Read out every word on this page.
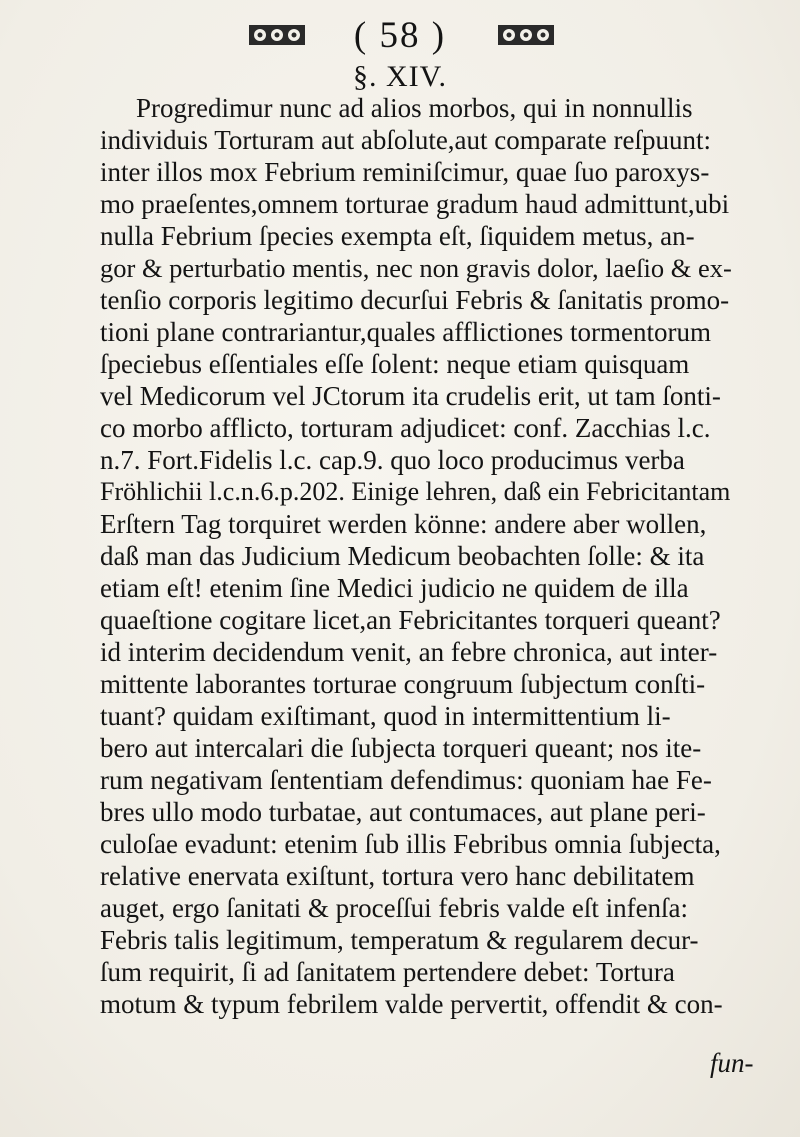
( 58 )
§. XIV.
Progredimur nunc ad alios morbos, qui in nonnullis
individuis Torturam aut abſolute,aut comparate reſpuunt:
inter illos mox Febrium reminiſcimur, quae ſuo paroxys-
mo praeſentes,omnem torturae gradum haud admittunt,ubi
nulla Febrium ſpecies exempta eſt, ſiquidem metus, an-
gor & perturbatio mentis, nec non gravis dolor, laeſio & ex-
tenſio corporis legitimo decurſui Febris & ſanitatis promo-
tioni plane contrariantur,quales afflictiones tormentorum
ſpeciebus eſſentiales eſſe ſolent: neque etiam quisquam
vel Medicorum vel JCtorum ita crudelis erit, ut tam ſonti-
co morbo afflicto, torturam adjudicet: conf. Zacchias l.c.
n.7. Fort.Fidelis l.c. cap.9. quo loco producimus verba
Fröhlichii l.c.n.6.p.202. Einige lehren, daß ein Febricitantam
Erſtern Tag torquiret werden könne: andere aber wollen,
daß man das Judicium Medicum beobachten ſolle: & ita
etiam eſt! etenim ſine Medici judicio ne quidem de illa
quaeſtione cogitare licet,an Febricitantes torqueri queant?
id interim decidendum venit, an febre chronica, aut inter-
mittente laborantes torturae congruum ſubjectum conſti-
tuant? quidam exiſtimant, quod in intermittentium li-
bero aut intercalari die ſubjecta torqueri queant; nos ite-
rum negativam ſententiam defendimus: quoniam hae Fe-
bres ullo modo turbatae, aut contumaces, aut plane peri-
culoſae evadunt: etenim ſub illis Febribus omnia ſubjecta,
relative enervata exiſtunt, tortura vero hanc debilitatem
auget, ergo ſanitati & proceſſui febris valde eſt infenſa:
Febris talis legitimum, temperatum & regularem decur-
ſum requirit, ſi ad ſanitatem pertendere debet: Tortura
motum & typum febrilem valde pervertit, offendit & con-
fun-
